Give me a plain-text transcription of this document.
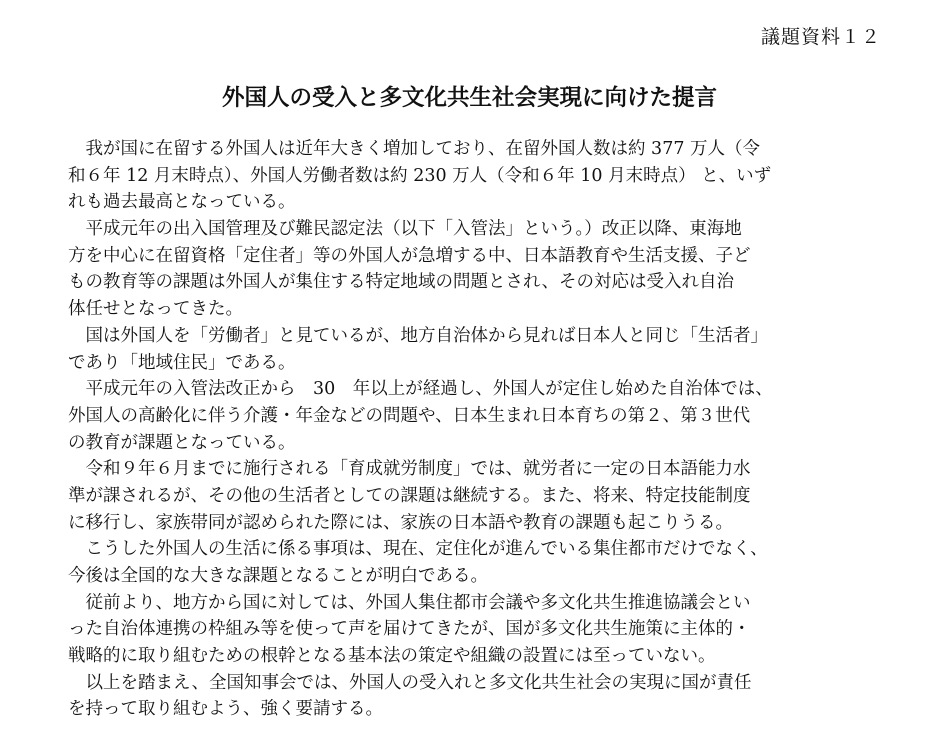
議題資料１２
外国人の受入と多文化共生社会実現に向けた提言
　我が国に在留する外国人は近年大きく増加しており、在留外国人数は約 377 万人（令
和６年 12 月末時点）、外国人労働者数は約 230 万人（令和６年 10 月末時点） と、いず
れも過去最高となっている。
　平成元年の出入国管理及び難民認定法（以下「入管法」という。）改正以降、東海地
方を中心に在留資格「定住者」等の外国人が急増する中、日本語教育や生活支援、子ど
もの教育等の課題は外国人が集住する特定地域の問題とされ、その対応は受入れ自治
体任せとなってきた。
　国は外国人を「労働者」と見ているが、地方自治体から見れば日本人と同じ「生活者」
であり「地域住民」である。
　平成元年の入管法改正から　30　年以上が経過し、外国人が定住し始めた自治体では、
外国人の高齢化に伴う介護・年金などの問題や、日本生まれ日本育ちの第２、第３世代
の教育が課題となっている。
　令和９年６月までに施行される「育成就労制度」では、就労者に一定の日本語能力水
準が課されるが、その他の生活者としての課題は継続する。また、将来、特定技能制度
に移行し、家族帯同が認められた際には、家族の日本語や教育の課題も起こりうる。
　こうした外国人の生活に係る事項は、現在、定住化が進んでいる集住都市だけでなく、
今後は全国的な大きな課題となることが明白である。
　従前より、地方から国に対しては、外国人集住都市会議や多文化共生推進協議会とい
った自治体連携の枠組み等を使って声を届けてきたが、国が多文化共生施策に主体的・
戦略的に取り組むための根幹となる基本法の策定や組織の設置には至っていない。
　以上を踏まえ、全国知事会では、外国人の受入れと多文化共生社会の実現に国が責任
を持って取り組むよう、強く要請する。
